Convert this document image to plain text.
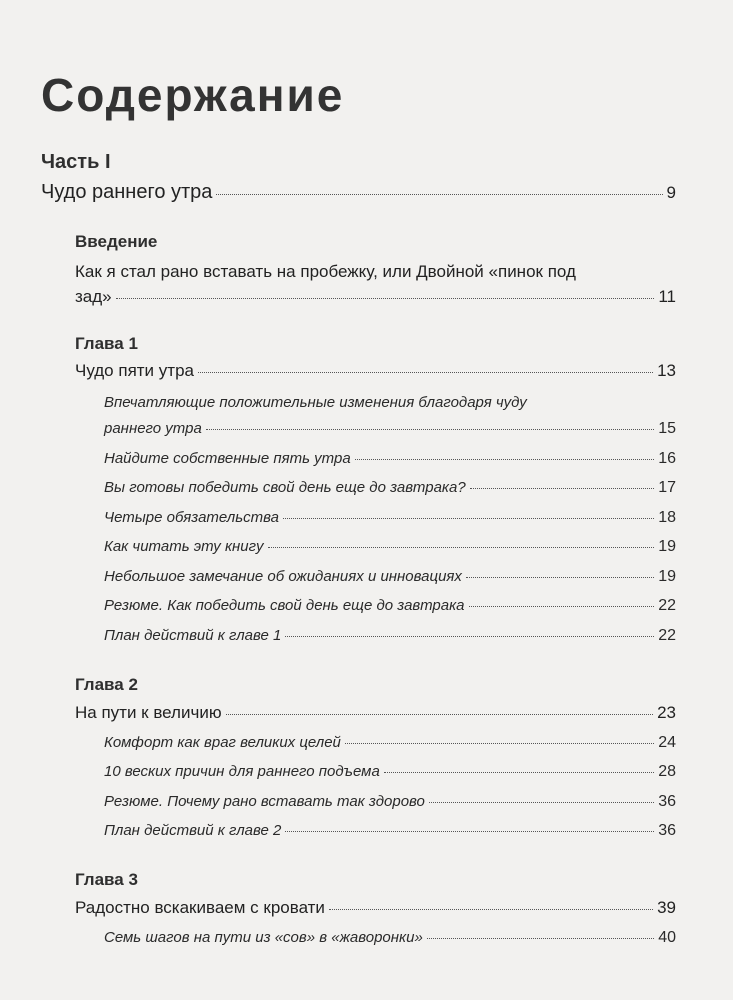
Содержание
Часть I
Чудо раннего утра	9
Введение
Как я стал рано вставать на пробежку, или Двойной «пинок под
зад»	11
Глава 1
Чудо пяти утра	13
Впечатляющие положительные изменения благодаря чуду
раннего утра	15
Найдите собственные пять утра	16
Вы готовы победить свой день еще до завтрака?	17
Четыре обязательства	18
Как читать эту книгу	19
Небольшое замечание об ожиданиях и инновациях	19
Резюме. Как победить свой день еще до завтрака	22
План действий к главе 1	22
Глава 2
На пути к величию	23
Комфорт как враг великих целей	24
10 веских причин для раннего подъема	28
Резюме. Почему рано вставать так здорово	36
План действий к главе 2	36
Глава 3
Радостно вскакиваем с кровати	39
Семь шагов на пути из «сов» в «жаворонки»	40
